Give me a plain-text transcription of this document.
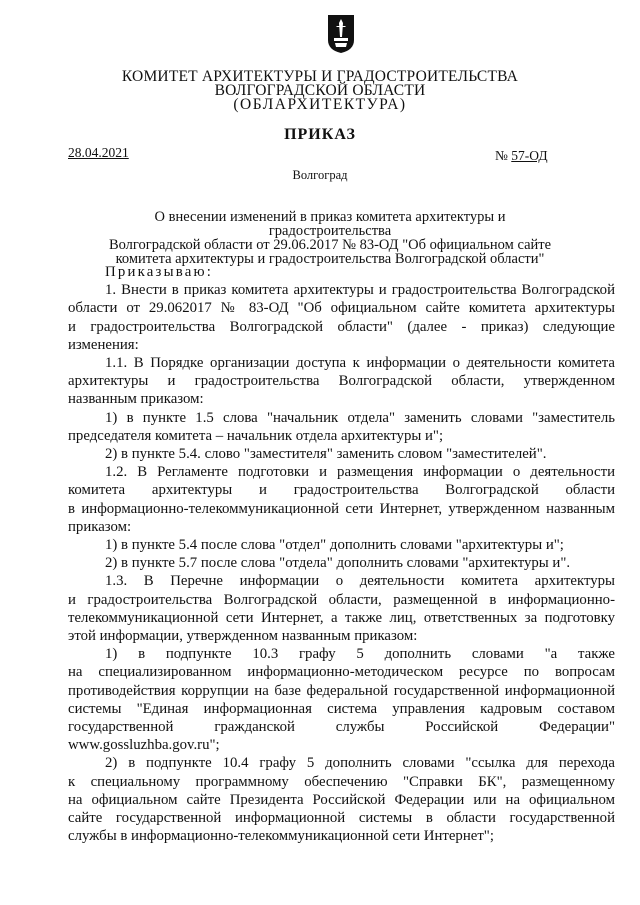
КОМИТЕТ АРХИТЕКТУРЫ И ГРАДОСТРОИТЕЛЬСТВА
ВОЛГОГРАДСКОЙ ОБЛАСТИ
(ОБЛАРХИТЕКТУРА)
ПРИКАЗ
28.04.2021	№ 57-ОД
Волгоград
О внесении изменений в приказ комитета архитектуры и градостроительства
Волгоградской области от 29.06.2017 № 83-ОД "Об официальном сайте
комитета архитектуры и градостроительства Волгоградской области"

Приказываю:

1. Внести в приказ комитета архитектуры и градостроительства Волгоградской

области от 29.062017 № 83-ОД "Об официальном сайте комитета архитектуры

и градостроительства Волгоградской области" (далее - приказ) следующие

изменения:

1.1. В Порядке организации доступа к информации о деятельности комитета

архитектуры и градостроительства Волгоградской области, утвержденном

названным приказом:

1) в пункте 1.5 слова "начальник отдела" заменить словами "заместитель

председателя комитета – начальник отдела архитектуры и";

2) в пункте 5.4. слово "заместителя" заменить словом "заместителей".

1.2. В Регламенте подготовки и размещения информации о деятельности

комитета архитектуры и градостроительства Волгоградской области

в информационно-телекоммуникационной сети Интернет, утвержденном названным

приказом:

1) в пункте 5.4 после слова "отдел" дополнить словами "архитектуры и";

2) в пункте 5.7 после слова "отдела" дополнить словами "архитектуры и".

1.3. В Перечне информации о деятельности комитета архитектуры

и градостроительства Волгоградской области, размещенной в информационно-

телекоммуникационной сети Интернет, а также лиц, ответственных за подготовку

этой информации, утвержденном названным приказом:

1) в подпункте 10.3 графу 5 дополнить словами "а также

на специализированном информационно-методическом ресурсе по вопросам

противодействия коррупции на базе федеральной государственной информационной

системы "Единая информационная система управления кадровым составом

государственной гражданской службы Российской Федерации"

www.gossluzhba.gov.ru";

2) в подпункте 10.4 графу 5 дополнить словами "ссылка для перехода

к специальному программному обеспечению "Справки БК", размещенному

на официальном сайте Президента Российской Федерации или на официальном

сайте государственной информационной системы в области государственной

службы в информационно-телекоммуникационной сети Интернет";
